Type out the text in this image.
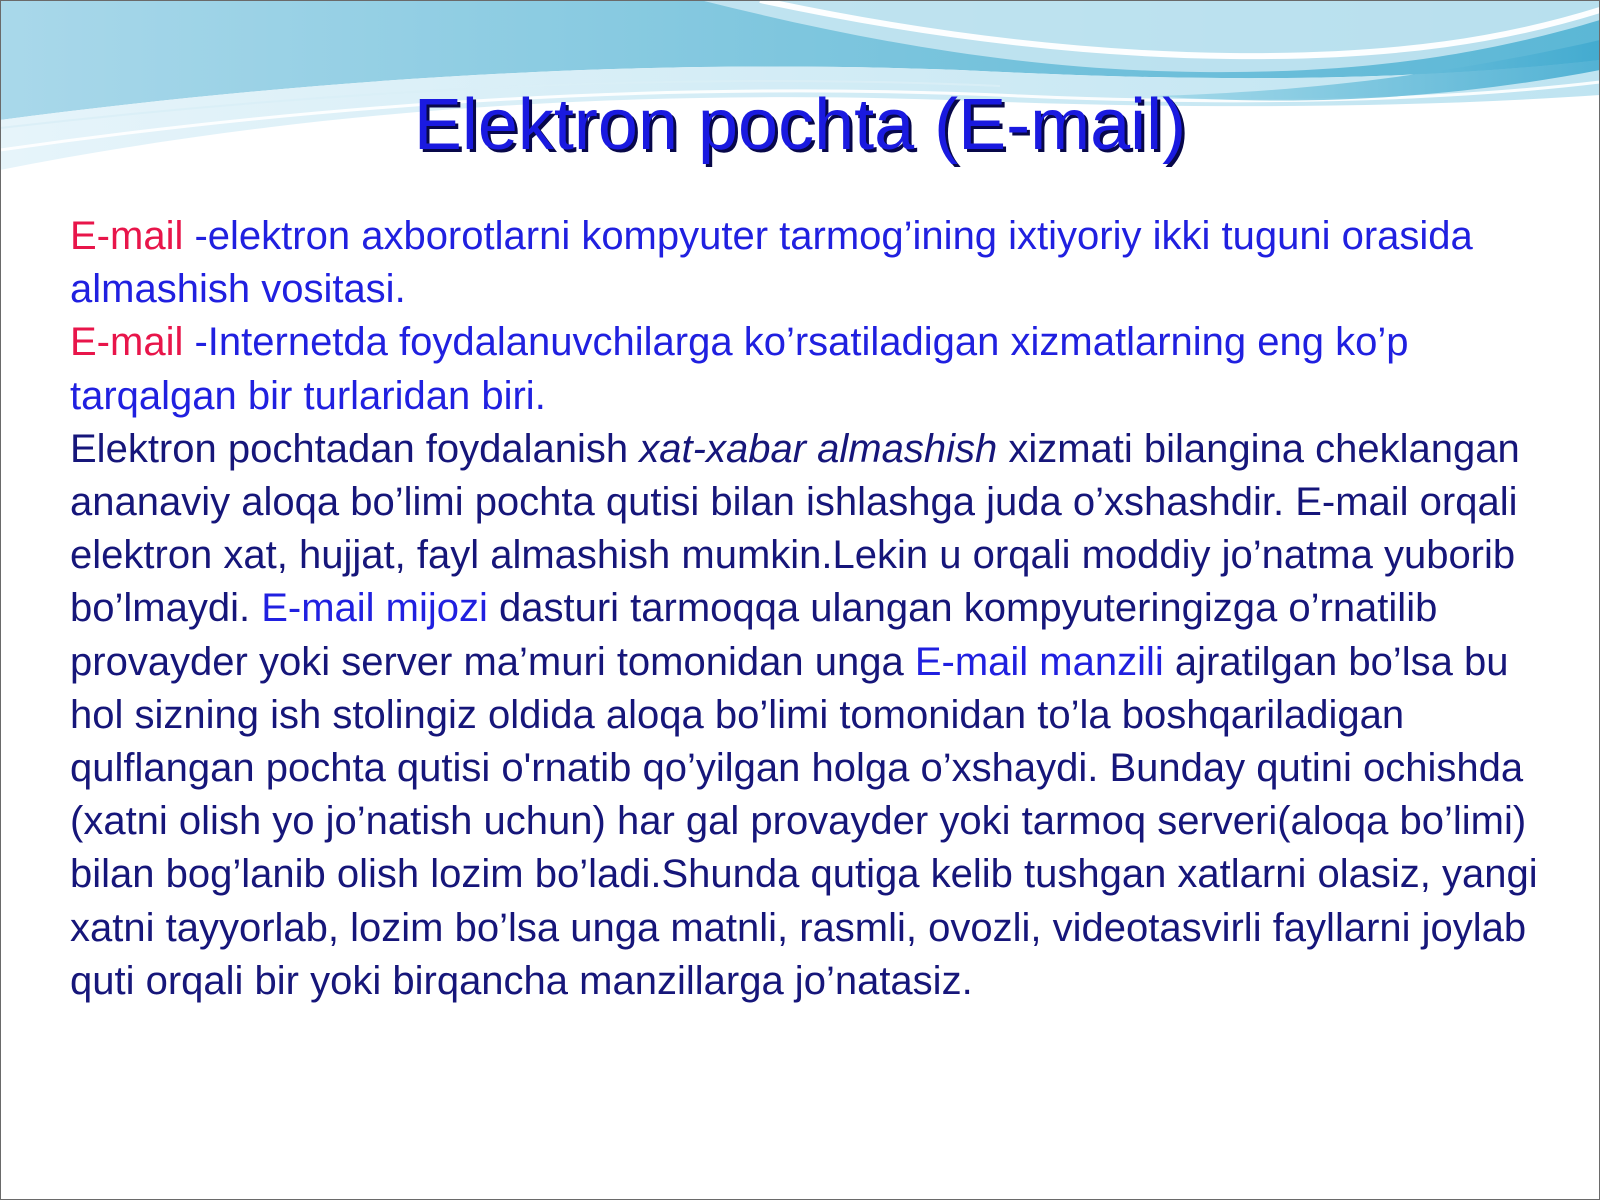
Elektron pochta (E-mail)

E-mail -elektron axborotlarni kompyuter tarmog’ining ixtiyoriy ikki tuguni orasida almashish vositasi.

E-mail -Internetda foydalanuvchilarga ko’rsatiladigan xizmatlarning eng ko’p tarqalgan bir turlaridan biri.

Elektron pochtadan foydalanish xat-xabar almashish xizmati bilangina cheklangan ananaviy aloqa bo’limi pochta qutisi bilan ishlashga juda o’xshashdir. E-mail orqali elektron xat, hujjat, fayl almashish mumkin.Lekin u orqali moddiy jo’natma yuborib bo’lmaydi. E-mail mijozi dasturi tarmoqqa ulangan kompyuteringizga o’rnatilib provayder yoki server ma’muri tomonidan unga E-mail manzili ajratilgan bo’lsa bu hol sizning ish stolingiz oldida aloqa bo’limi tomonidan to’la boshqariladigan qulflangan pochta qutisi o'rnatib qo’yilgan holga o’xshaydi. Bunday qutini ochishda (xatni olish yo jo’natish uchun) har gal provayder yoki tarmoq serveri(aloqa bo’limi) bilan bog’lanib olish lozim bo’ladi.Shunda qutiga kelib tushgan xatlarni olasiz, yangi xatni tayyorlab, lozim bo’lsa unga matnli, rasmli, ovozli, videotasvirli fayllarni joylab quti orqali bir yoki birqancha manzillarga jo’natasiz.
